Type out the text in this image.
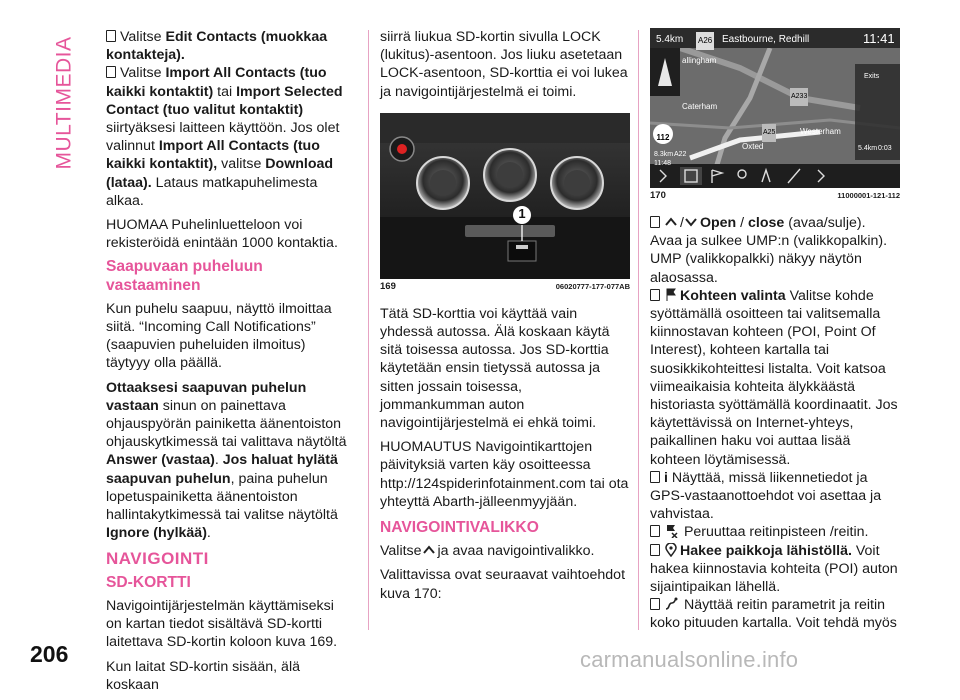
MULTIMEDIA	Valitse Edit Contacts (muokkaa kontakteja).

Valitse Import All Contacts (tuo kaikki kontaktit) tai Import Selected Contact (tuo valitut kontaktit) siirtyäksesi laitteen käyttöön. Jos olet valinnut Import All Contacts (tuo kaikki kontaktit), valitse Download (lataa). Lataus matkapuhelimesta alkaa.

HUOMAA Puhelinluetteloon voi rekisteröidä enintään 1000 kontaktia.

Saapuvaan puheluun vastaaminen

Kun puhelu saapuu, näyttö ilmoittaa siitä. “Incoming Call Notifications” (saapuvien puheluiden ilmoitus) täytyyy olla päällä.

Ottaaksesi saapuvan puhelun vastaan sinun on painettava ohjauspyörän painiketta äänentoiston ohjauskytkimessä tai valittava näytöltä Answer (vastaa). Jos haluat hylätä saapuvan puhelun, paina puhelun lopetuspainiketta äänentoiston hallintakytkimessä tai valitse näytöltä Ignore (hylkää).

NAVIGOINTI

SD-KORTTI

Navigointijärjestelmän käyttämiseksi on kartan tiedot sisältävä SD-kortti laitettava SD-kortin koloon kuva 169.

Kun laitat SD-kortin sisään, älä koskaan

siirrä liukua SD-kortin sivulla LOCK (lukitus)-asentoon. Jos liuku asetetaan LOCK-asentoon, SD-korttia ei voi lukea ja navigointijärjestelmä ei toimi.

1
169	06020777-177-077AB

Tätä SD-korttia voi käyttää vain yhdessä autossa. Älä koskaan käytä sitä toisessa autossa. Jos SD-korttia käytetään ensin tietyssä autossa ja sitten jossain toisessa, jommankumman auton navigointijärjestelmä ei ehkä toimi.

HUOMAUTUS Navigointikarttojen päivityksiä varten käy osoitteessa http://124spiderinfotainment.com tai ota yhteyttä Abarth-jälleenmyyjään.

NAVIGOINTIVALIKKO

Valitse ja avaa navigointivalikko.

Valittavissa ovat seuraavat vaihtoehdot kuva 170:

5.4km A26 Eastbourne, Redhill	11:41
Exits
allingham
Caterham
Westerham
Oxted
A233
A25
A22
112
8.3km
11:48
5.4km 0:03
170	11000001-121-112

/ Open / close (avaa/sulje). Avaa ja sulkee UMP:n (valikkopalkin). UMP (valikkopalkki) näkyy näytön alaosassa.

Kohteen valinta Valitse kohde syöttämällä osoitteen tai valitsemalla kiinnostavan kohteen (POI, Point Of Interest), kohteen kartalla tai suosikkikohteittesi listalta. Voit katsoa viimeaikaisia kohteita älykkäästä historiasta syöttämällä koordinaatit. Jos käytettävissä on Internet-yhteys, paikallinen haku voi auttaa lisää kohteen löytämisessä.

i Näyttää, missä liikennetiedot ja GPS-vastaanottoehdot voi asettaa ja vahvistaa.

Peruuttaa reitinpisteen /reitin.

Hakee paikkoja lähistöllä. Voit hakea kiinnostavia kohteita (POI) auton sijaintipaikan lähellä.

Näyttää reitin parametrit ja reitin koko pituuden kartalla. Voit tehdä myös

206	carmanualsonline.info
